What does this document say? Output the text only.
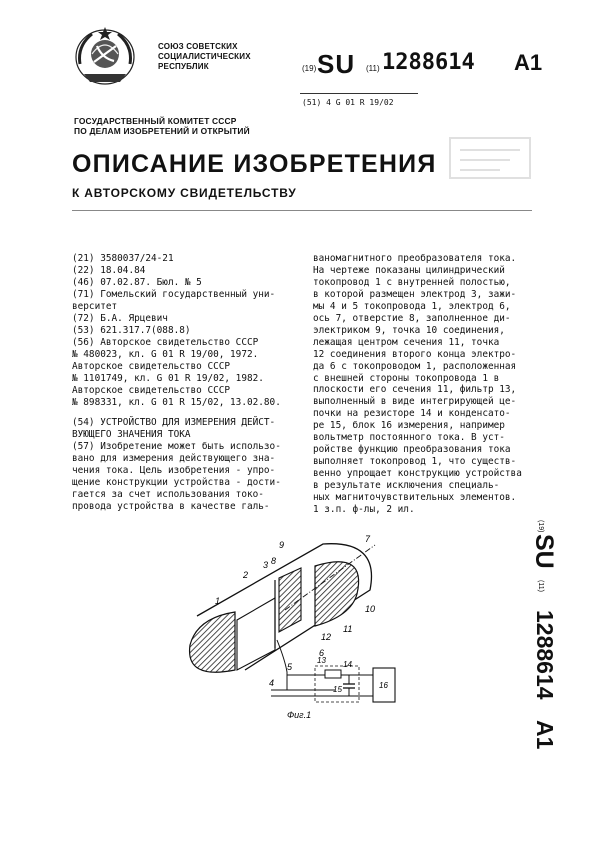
СОЮЗ СОВЕТСКИХ
СОЦИАЛИСТИЧЕСКИХ
РЕСПУБЛИК	(19) SU (11) 1288614 A1
(51) 4 G 01 R 19/02
ГОСУДАРСТВЕННЫЙ КОМИТЕТ СССР
ПО ДЕЛАМ ИЗОБРЕТЕНИЙ И ОТКРЫТИЙ
ОПИСАНИЕ ИЗОБРЕТЕНИЯ
К АВТОРСКОМУ СВИДЕТЕЛЬСТВУ
(21) 3580037/24-21
(22) 18.04.84
(46) 07.02.87. Бюл. № 5
(71) Гомельский государственный уни-
верситет
(72) Б.А. Ярцевич
(53) 621.317.7(088.8)
(56) Авторское свидетельство СССР
№ 480023, кл. G 01 R 19/00, 1972.
Авторское свидетельство СССР
№ 1101749, кл. G 01 R 19/02, 1982.
Авторское свидетельство СССР
№ 898331, кл. G 01 R 15/02, 13.02.80.
(54) УСТРОЙСТВО ДЛЯ ИЗМЕРЕНИЯ ДЕЙСТ-
ВУЮЩЕГО ЗНАЧЕНИЯ ТОКА
(57) Изобретение может быть использо-
вано для измерения действующего зна-
чения тока. Цель изобретения - упро-
щение конструкции устройства - дости-
гается за счет использования токо-
провода устройства в качестве галь-
ваномагнитного преобразователя тока.
На чертеже показаны цилиндрический
токопровод 1 с внутренней полостью,
в которой размещен электрод 3, зажи-
мы 4 и 5 токопровода 1, электрод 6,
ось 7, отверстие 8, заполненное ди-
электриком 9, точка 10 соединения,
лежащая центром сечения 11, точка
12 соединения второго конца электро-
да 6 с токопроводом 1, расположенная
с внешней стороны токопровода 1 в
плоскости его сечения 11, фильтр 13,
выполненный в виде интегрирующей це-
почки на резисторе 14 и конденсато-
ре 15, блок 16 измерения, например
вольтметр постоянного тока. В уст-
ройстве функцию преобразования тока
выполняет токопровод 1, что существ-
венно упрощает конструкцию устройства
в результате исключения специаль-
ных магниточувствительных элементов.
1 з.п. ф-лы, 2 ил.
(19)
SU
(11)
1288614
A1
1
2
3 8
9
7
10
11
12
6
5
4
13 14
15	16
Фиг.1
